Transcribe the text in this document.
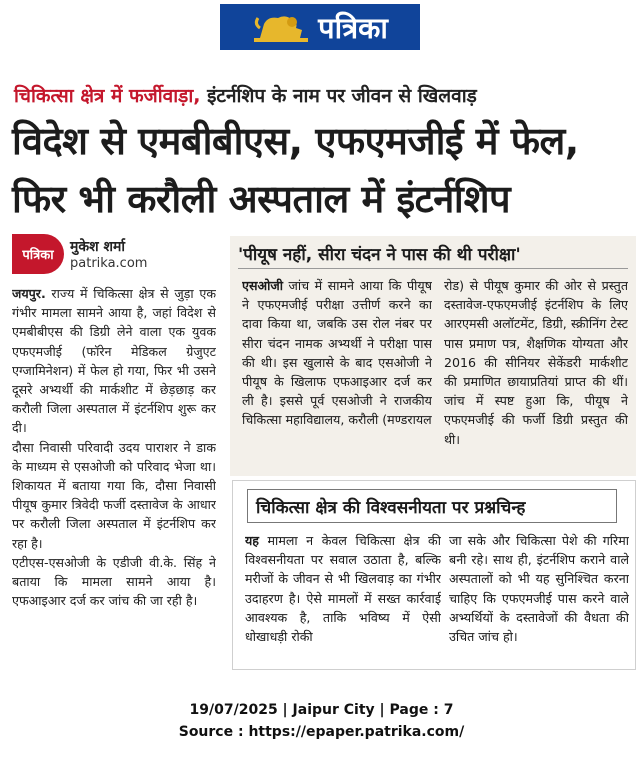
पत्रिका
चिकित्सा क्षेत्र में फर्जीवाड़ा, इंटर्नशिप के नाम पर जीवन से खिलवाड़
विदेश से एमबीबीएस, एफएमजीई में फेल,
फिर भी करौली अस्पताल में इंटर्नशिप
पत्रिका
मुकेश शर्मा
patrika.com

जयपुर. राज्य में चिकित्सा क्षेत्र से जुड़ा एक गंभीर मामला सामने आया है, जहां विदेश से एमबीबीएस की डिग्री लेने वाला एक युवक एफएमजीई (फॉरेन मेडिकल ग्रेजुएट एग्जामिनेशन) में फेल हो गया, फिर भी उसने दूसरे अभ्यर्थी की मार्कशीट में छेड़छाड़ कर करौली जिला अस्पताल में इंटर्नशिप शुरू कर दी।

दौसा निवासी परिवादी उदय पाराशर ने डाक के माध्यम से एसओजी को परिवाद भेजा था। शिकायत में बताया गया कि, दौसा निवासी पीयूष कुमार त्रिवेदी फर्जी दस्तावेज के आधार पर करौली जिला अस्पताल में इंटर्नशिप कर रहा है।

एटीएस-एसओजी के एडीजी वी.के. सिंह ने बताया कि मामला सामने आया है। एफआइआर दर्ज कर जांच की जा रही है।

'पीयूष नहीं, सीरा चंदन ने पास की थी परीक्षा'
एसओजी जांच में सामने आया कि पीयूष ने एफएमजीई परीक्षा उत्तीर्ण करने का दावा किया था, जबकि उस रोल नंबर पर सीरा चंदन नामक अभ्यर्थी ने परीक्षा पास की थी। इस खुलासे के बाद एसओजी ने पीयूष के खिलाफ एफआइआर दर्ज कर ली है। इससे पूर्व एसओजी ने राजकीय चिकित्सा महाविद्यालय, करौली (मण्डरायल
रोड) से पीयूष कुमार की ओर से प्रस्तुत दस्तावेज-एफएमजीई इंटर्नशिप के लिए आरएमसी अलॉटमेंट, डिग्री, स्क्रीनिंग टेस्ट पास प्रमाण पत्र, शैक्षणिक योग्यता और 2016 की सीनियर सेकेंडरी मार्कशीट की प्रमाणित छायाप्रतियां प्राप्त की थीं। जांच में स्पष्ट हुआ कि, पीयूष ने एफएमजीई की फर्जी डिग्री प्रस्तुत की थी।
चिकित्सा क्षेत्र की विश्वसनीयता पर प्रश्नचिन्ह
यह मामला न केवल चिकित्सा क्षेत्र की विश्वसनीयता पर सवाल उठाता है, बल्कि मरीजों के जीवन से भी खिलवाड़ का गंभीर उदाहरण है। ऐसे मामलों में सख्त कार्रवाई आवश्यक है, ताकि भविष्य में ऐसी धोखाधड़ी रोकी
जा सके और चिकित्सा पेशे की गरिमा बनी रहे। साथ ही, इंटर्नशिप कराने वाले अस्पतालों को भी यह सुनिश्चित करना चाहिए कि एफएमजीई पास करने वाले अभ्यर्थियों के दस्तावेजों की वैधता की उचित जांच हो।
19/07/2025 | Jaipur City | Page : 7
Source : https://epaper.patrika.com/
